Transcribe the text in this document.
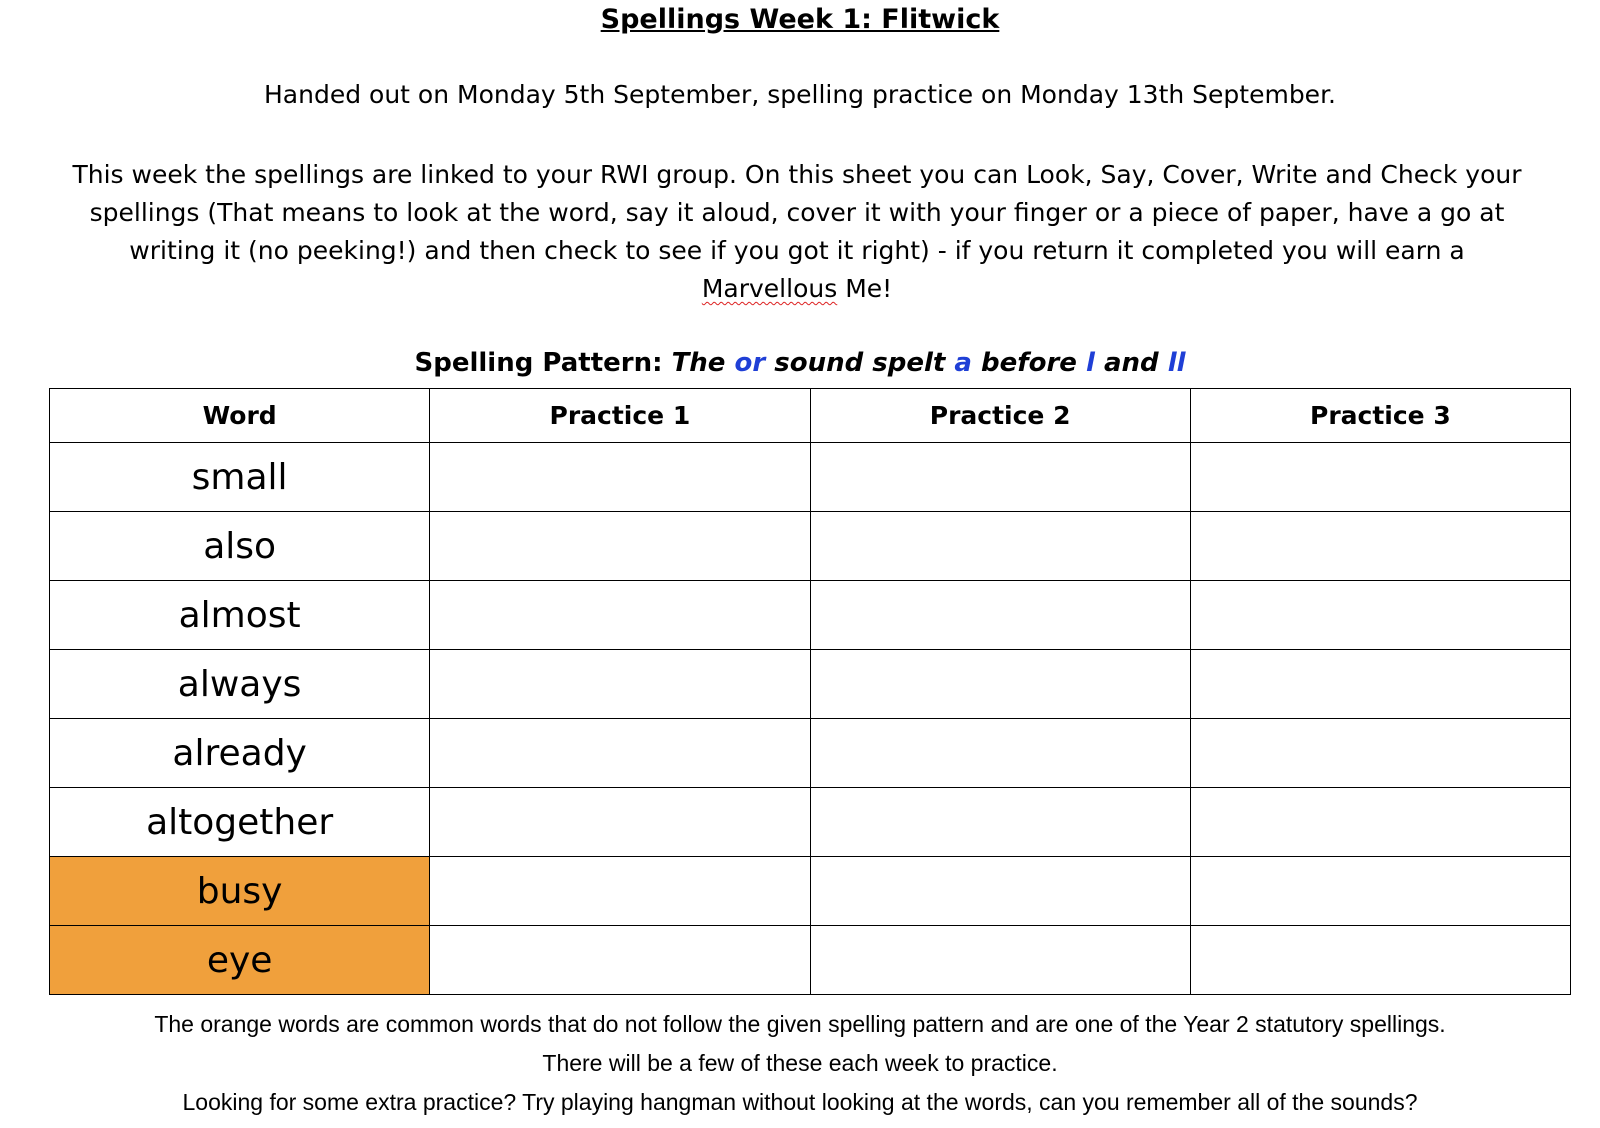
Spellings Week 1: Flitwick
Handed out on Monday 5th September, spelling practice on Monday 13th September.
This week the spellings are linked to your RWI group. On this sheet you can Look, Say, Cover, Write and Check your spellings (That means to look at the word, say it aloud, cover it with your finger or a piece of paper, have a go at writing it (no peeking!) and then check to see if you got it right) - if you return it completed you will earn a
Marvellous Me!
Spelling Pattern: The or sound spelt a before l and ll
Word	Practice 1	Practice 2	Practice 3
small			
also			
almost			
always			
already			
altogether			
busy			
eye			
The orange words are common words that do not follow the given spelling pattern and are one of the Year 2 statutory spellings.
There will be a few of these each week to practice.
Looking for some extra practice? Try playing hangman without looking at the words, can you remember all of the sounds?
